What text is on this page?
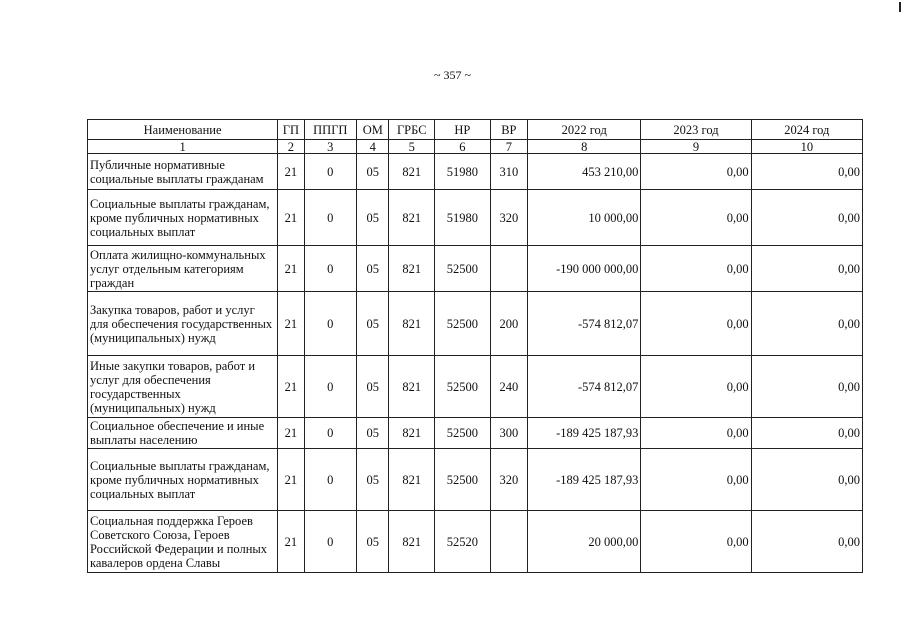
~ 357 ~
Наименование	ГП	ППГП	ОМ	ГРБС	НР	ВР	2022 год	2023 год	2024 год
1	2	3	4	5	6	7	8	9	10
Публичные нормативные социальные выплаты гражданам	21	0	05	821	51980	310	453 210,00	0,00	0,00
Социальные выплаты гражданам, кроме публичных нормативных социальных выплат	21	0	05	821	51980	320	10 000,00	0,00	0,00
Оплата жилищно-коммунальных услуг отдельным категориям граждан	21	0	05	821	52500		-190 000 000,00	0,00	0,00
Закупка товаров, работ и услуг для обеспечения государственных (муниципальных) нужд	21	0	05	821	52500	200	-574 812,07	0,00	0,00
Иные закупки товаров, работ и услуг для обеспечения государственных (муниципальных) нужд	21	0	05	821	52500	240	-574 812,07	0,00	0,00
Социальное обеспечение и иные выплаты населению	21	0	05	821	52500	300	-189 425 187,93	0,00	0,00
Социальные выплаты гражданам, кроме публичных нормативных социальных выплат	21	0	05	821	52500	320	-189 425 187,93	0,00	0,00
Социальная поддержка Героев Советского Союза, Героев Российской Федерации и полных кавалеров ордена Славы	21	0	05	821	52520		20 000,00	0,00	0,00
